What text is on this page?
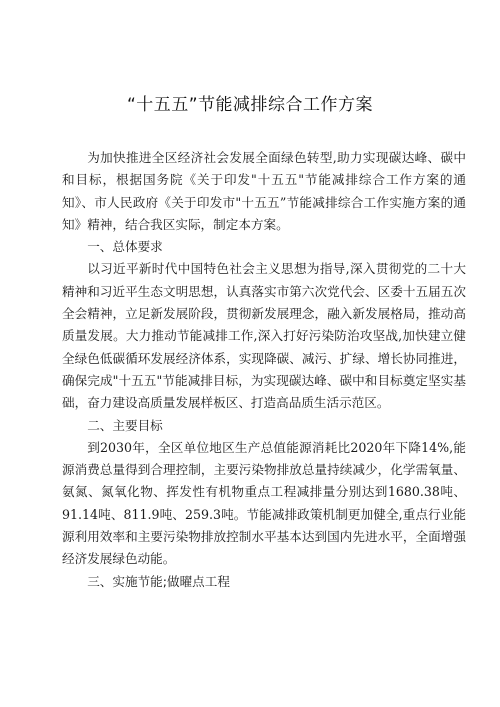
“十五五”节能减排综合工作方案

为加快推进全区经济社会发展全面绿色转型,助力实现碳达峰、碳中和目标，根据国务院《关于印发"十五五"节能减排综合工作方案的通知》、市人民政府《关于印发市"十五五”节能减排综合工作实施方案的通知》精神，结合我区实际，制定本方案。

一、总体要求

以习近平新时代中国特色社会主义思想为指导,深入贯彻党的二十大精神和习近平生态文明思想，认真落实市第六次党代会、区委十五届五次全会精神，立足新发展阶段，贯彻新发展理念，融入新发展格局，推动高质量发展。大力推动节能减排工作,深入打好污染防治攻坚战,加快建立健全绿色低碳循环发展经济体系，实现降碳、减污、扩绿、增长协同推进，确保完成"十五五"节能减排目标，为实现碳达峰、碳中和目标奠定坚实基础，奋力建设高质量发展样板区、打造高品质生活示范区。

二、主要目标

到2030年，全区单位地区生产总值能源消耗比2020年下降14%,能源消费总量得到合理控制，主要污染物排放总量持续减少，化学需氧量、氨氮、氮氧化物、挥发性有机物重点工程减排量分别达到1680.38吨、91.14吨、811.9吨、259.3吨。节能减排政策机制更加健全,重点行业能源利用效率和主要污染物排放控制水平基本达到国内先进水平，全面增强经济发展绿色动能。

三、实施节能;做曜点工程
